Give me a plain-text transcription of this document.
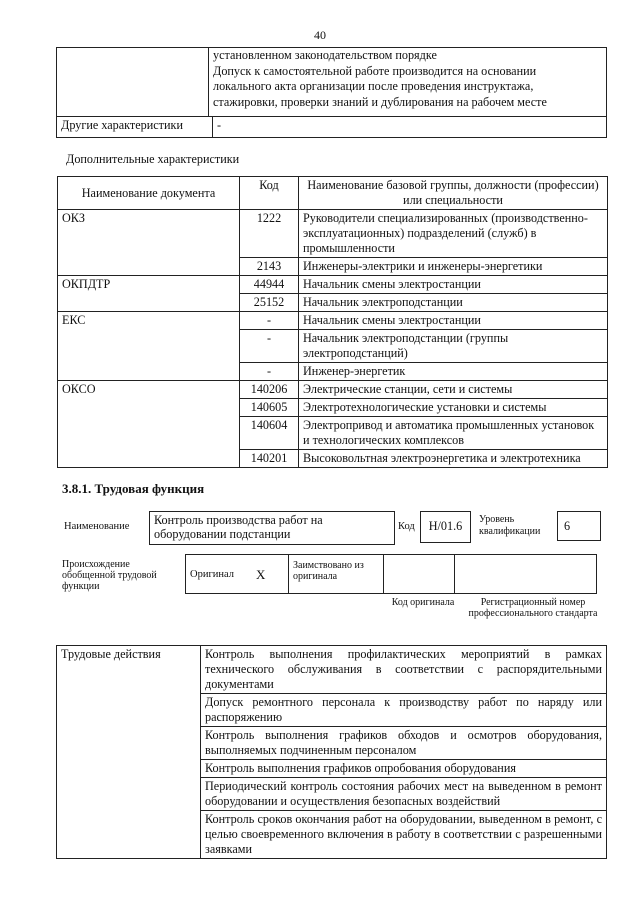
40

	установленном законодательством порядке
Допуск к самостоятельной работе производится на основании
локального акта организации после проведения инструктажа,
стажировки, проверки знаний и дублирования на рабочем месте	

Другие характеристики		-
Дополнительные характеристики
Наименование документа	Код	Наименование базовой группы, должности (профессии) или специальности
ОКЗ	1222	Руководители специализированных (производственно-эксплуатационных) подразделений (служб) в промышленности
	2143	Инженеры-электрики и инженеры-энергетики
ОКПДТР	44944	Начальник смены электростанции
	25152	Начальник электроподстанции
ЕКС	-	Начальник смены электростанции
	-	Начальник электроподстанции (группы электроподстанций)
	-	Инженер-энергетик
ОКСО	140206	Электрические станции, сети и системы
	140605	Электротехнологические установки и системы
	140604	Электропривод и автоматика промышленных установок и технологических комплексов
	140201	Высоковольтная электроэнергетика и электротехника
3.8.1. Трудовая функция
Наименование	Контроль производства работ на оборудовании подстанции
Код	Н/01.6	Уровень квалификации	6
Происхождение обобщенной трудовой функции
Оригинал	X	Заимствовано из оригинала		
Код оригинала	Регистрационный номер профессионального стандарта
Трудовые действия	Контроль выполнения профилактических мероприятий в рамках технического обслуживания в соответствии с распорядительными документами
Допуск ремонтного персонала к производству работ по наряду или распоряжению
Контроль выполнения графиков обходов и осмотров оборудования, выполняемых подчиненным персоналом
Контроль выполнения графиков опробования оборудования
Периодический контроль состояния рабочих мест на выведенном в ремонт оборудовании и осуществления безопасных воздействий
Контроль сроков окончания работ на оборудовании, выведенном в ремонт, с целью своевременного включения в работу в соответствии с разрешенными заявками
